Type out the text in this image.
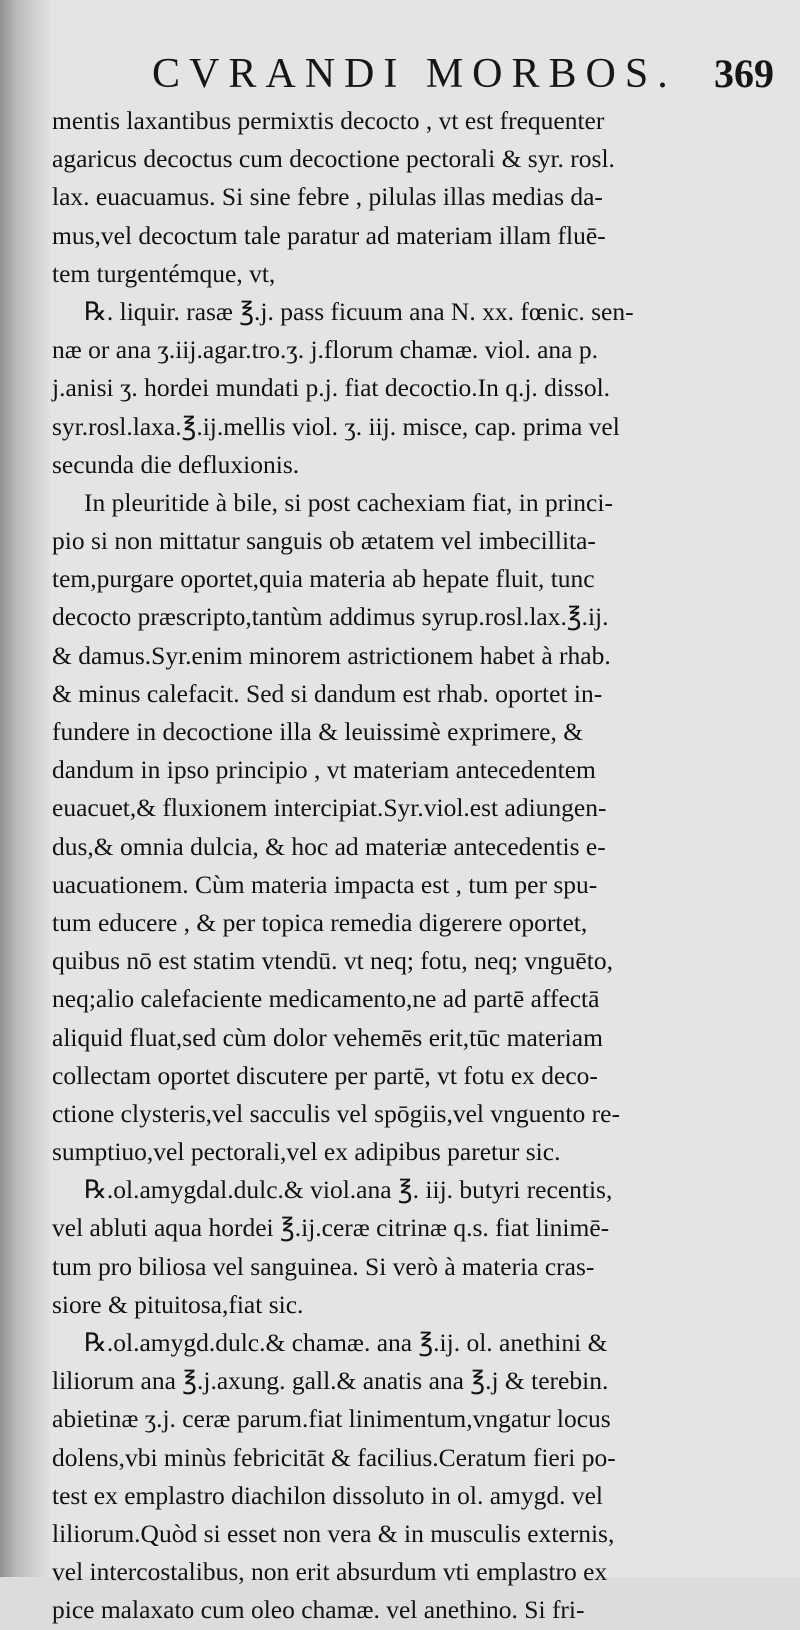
CVRANDI MORBOS. 369
mentis laxantibus permixtis decocto , vt est frequenter
agaricus decoctus cum decoctione pectorali & syr. rosl.
lax. euacuamus. Si sine febre , pilulas illas medias da-
mus,vel decoctum tale paratur ad materiam illam fluē-
tem turgentémque, vt,
℞. liquir. rasæ ℥.j. pass ficuum ana N. xx. fœnic. sen-
næ or ana ʒ.iij.agar.tro.ʒ. j.florum chamæ. viol. ana p.
j.anisi ʒ. hordei mundati p.j. fiat decoctio.In q.j. dissol.
syr.rosl.laxa.℥.ij.mellis viol. ʒ. iij. misce, cap. prima vel
secunda die defluxionis.
In pleuritide à bile, si post cachexiam fiat, in princi-
pio si non mittatur sanguis ob ætatem vel imbecillita-
tem,purgare oportet,quia materia ab hepate fluit, tunc
decocto præscripto,tantùm addimus syrup.rosl.lax.℥.ij.
& damus.Syr.enim minorem astrictionem habet à rhab.
& minus calefacit. Sed si dandum est rhab. oportet in-
fundere in decoctione illa & leuissimè exprimere, &
dandum in ipso principio , vt materiam antecedentem
euacuet,& fluxionem intercipiat.Syr.viol.est adiungen-
dus,& omnia dulcia, & hoc ad materiæ antecedentis e-
uacuationem. Cùm materia impacta est , tum per spu-
tum educere , & per topica remedia digerere oportet,
quibus nō est statim vtendū. vt neq; fotu, neq; vnguēto,
neq;alio calefaciente medicamento,ne ad partē affectā
aliquid fluat,sed cùm dolor vehemēs erit,tūc materiam
collectam oportet discutere per partē, vt fotu ex deco-
ctione clysteris,vel sacculis vel spōgiis,vel vnguento re-
sumptiuo,vel pectorali,vel ex adipibus paretur sic.
℞.ol.amygdal.dulc.& viol.ana ℥. iij. butyri recentis,
vel abluti aqua hordei ℥.ij.ceræ citrinæ q.s. fiat linimē-
tum pro biliosa vel sanguinea. Si verò à materia cras-
siore & pituitosa,fiat sic.
℞.ol.amygd.dulc.& chamæ. ana ℥.ij. ol. anethini &
liliorum ana ℥.j.axung. gall.& anatis ana ℥.j & terebin.
abietinæ ʒ.j. ceræ parum.fiat linimentum,vngatur locus
dolens,vbi minùs febricitāt & facilius.Ceratum fieri po-
test ex emplastro diachilon dissoluto in ol. amygd. vel
liliorum.Quòd si esset non vera & in musculis externis,
vel intercostalibus, non erit absurdum vti emplastro ex
pice malaxato cum oleo chamæ. vel anethino. Si fri-
